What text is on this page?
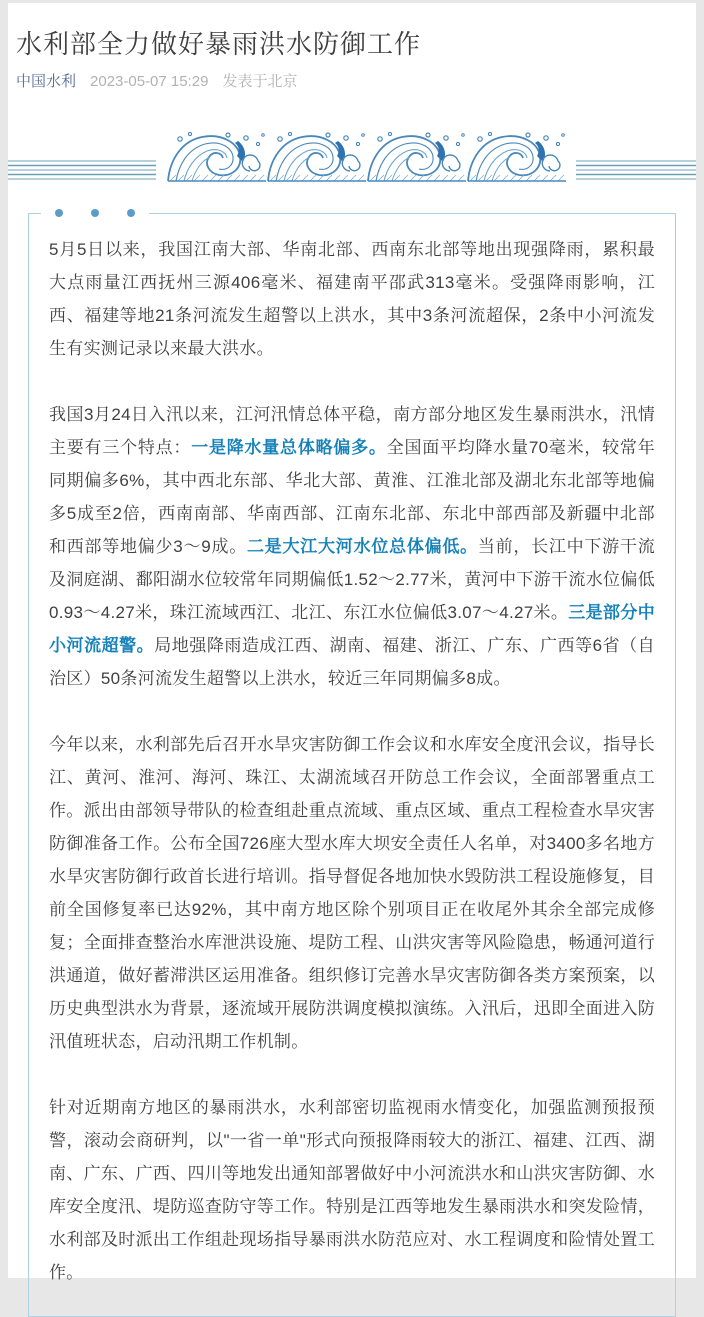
水利部全力做好暴雨洪水防御工作
中国水利 2023-05-07 15:29 发表于北京

5月5日以来，我国江南大部、华南北部、西南东北部等地出现强降雨，累积最大点雨量江西抚州三源406毫米、福建南平邵武313毫米。受强降雨影响，江西、福建等地21条河流发生超警以上洪水，其中3条河流超保，2条中小河流发生有实测记录以来最大洪水。

我国3月24日入汛以来，江河汛情总体平稳，南方部分地区发生暴雨洪水，汛情主要有三个特点：一是降水量总体略偏多。全国面平均降水量70毫米，较常年同期偏多6%，其中西北东部、华北大部、黄淮、江淮北部及湖北东北部等地偏多5成至2倍，西南南部、华南西部、江南东北部、东北中部西部及新疆中北部和西部等地偏少3～9成。二是大江大河水位总体偏低。当前，长江中下游干流及洞庭湖、鄱阳湖水位较常年同期偏低1.52～2.77米，黄河中下游干流水位偏低0.93～4.27米，珠江流域西江、北江、东江水位偏低3.07～4.27米。三是部分中小河流超警。局地强降雨造成江西、湖南、福建、浙江、广东、广西等6省（自治区）50条河流发生超警以上洪水，较近三年同期偏多8成。

今年以来，水利部先后召开水旱灾害防御工作会议和水库安全度汛会议，指导长江、黄河、淮河、海河、珠江、太湖流域召开防总工作会议，全面部署重点工作。派出由部领导带队的检查组赴重点流域、重点区域、重点工程检查水旱灾害防御准备工作。公布全国726座大型水库大坝安全责任人名单，对3400多名地方水旱灾害防御行政首长进行培训。指导督促各地加快水毁防洪工程设施修复，目前全国修复率已达92%，其中南方地区除个别项目正在收尾外其余全部完成修复；全面排查整治水库泄洪设施、堤防工程、山洪灾害等风险隐患，畅通河道行洪通道，做好蓄滞洪区运用准备。组织修订完善水旱灾害防御各类方案预案，以历史典型洪水为背景，逐流域开展防洪调度模拟演练。入汛后，迅即全面进入防汛值班状态，启动汛期工作机制。

针对近期南方地区的暴雨洪水，水利部密切监视雨水情变化，加强监测预报预警，滚动会商研判，以"一省一单"形式向预报降雨较大的浙江、福建、江西、湖南、广东、广西、四川等地发出通知部署做好中小河流洪水和山洪灾害防御、水库安全度汛、堤防巡查防守等工作。特别是江西等地发生暴雨洪水和突发险情，水利部及时派出工作组赴现场指导暴雨洪水防范应对、水工程调度和险情处置工作。
